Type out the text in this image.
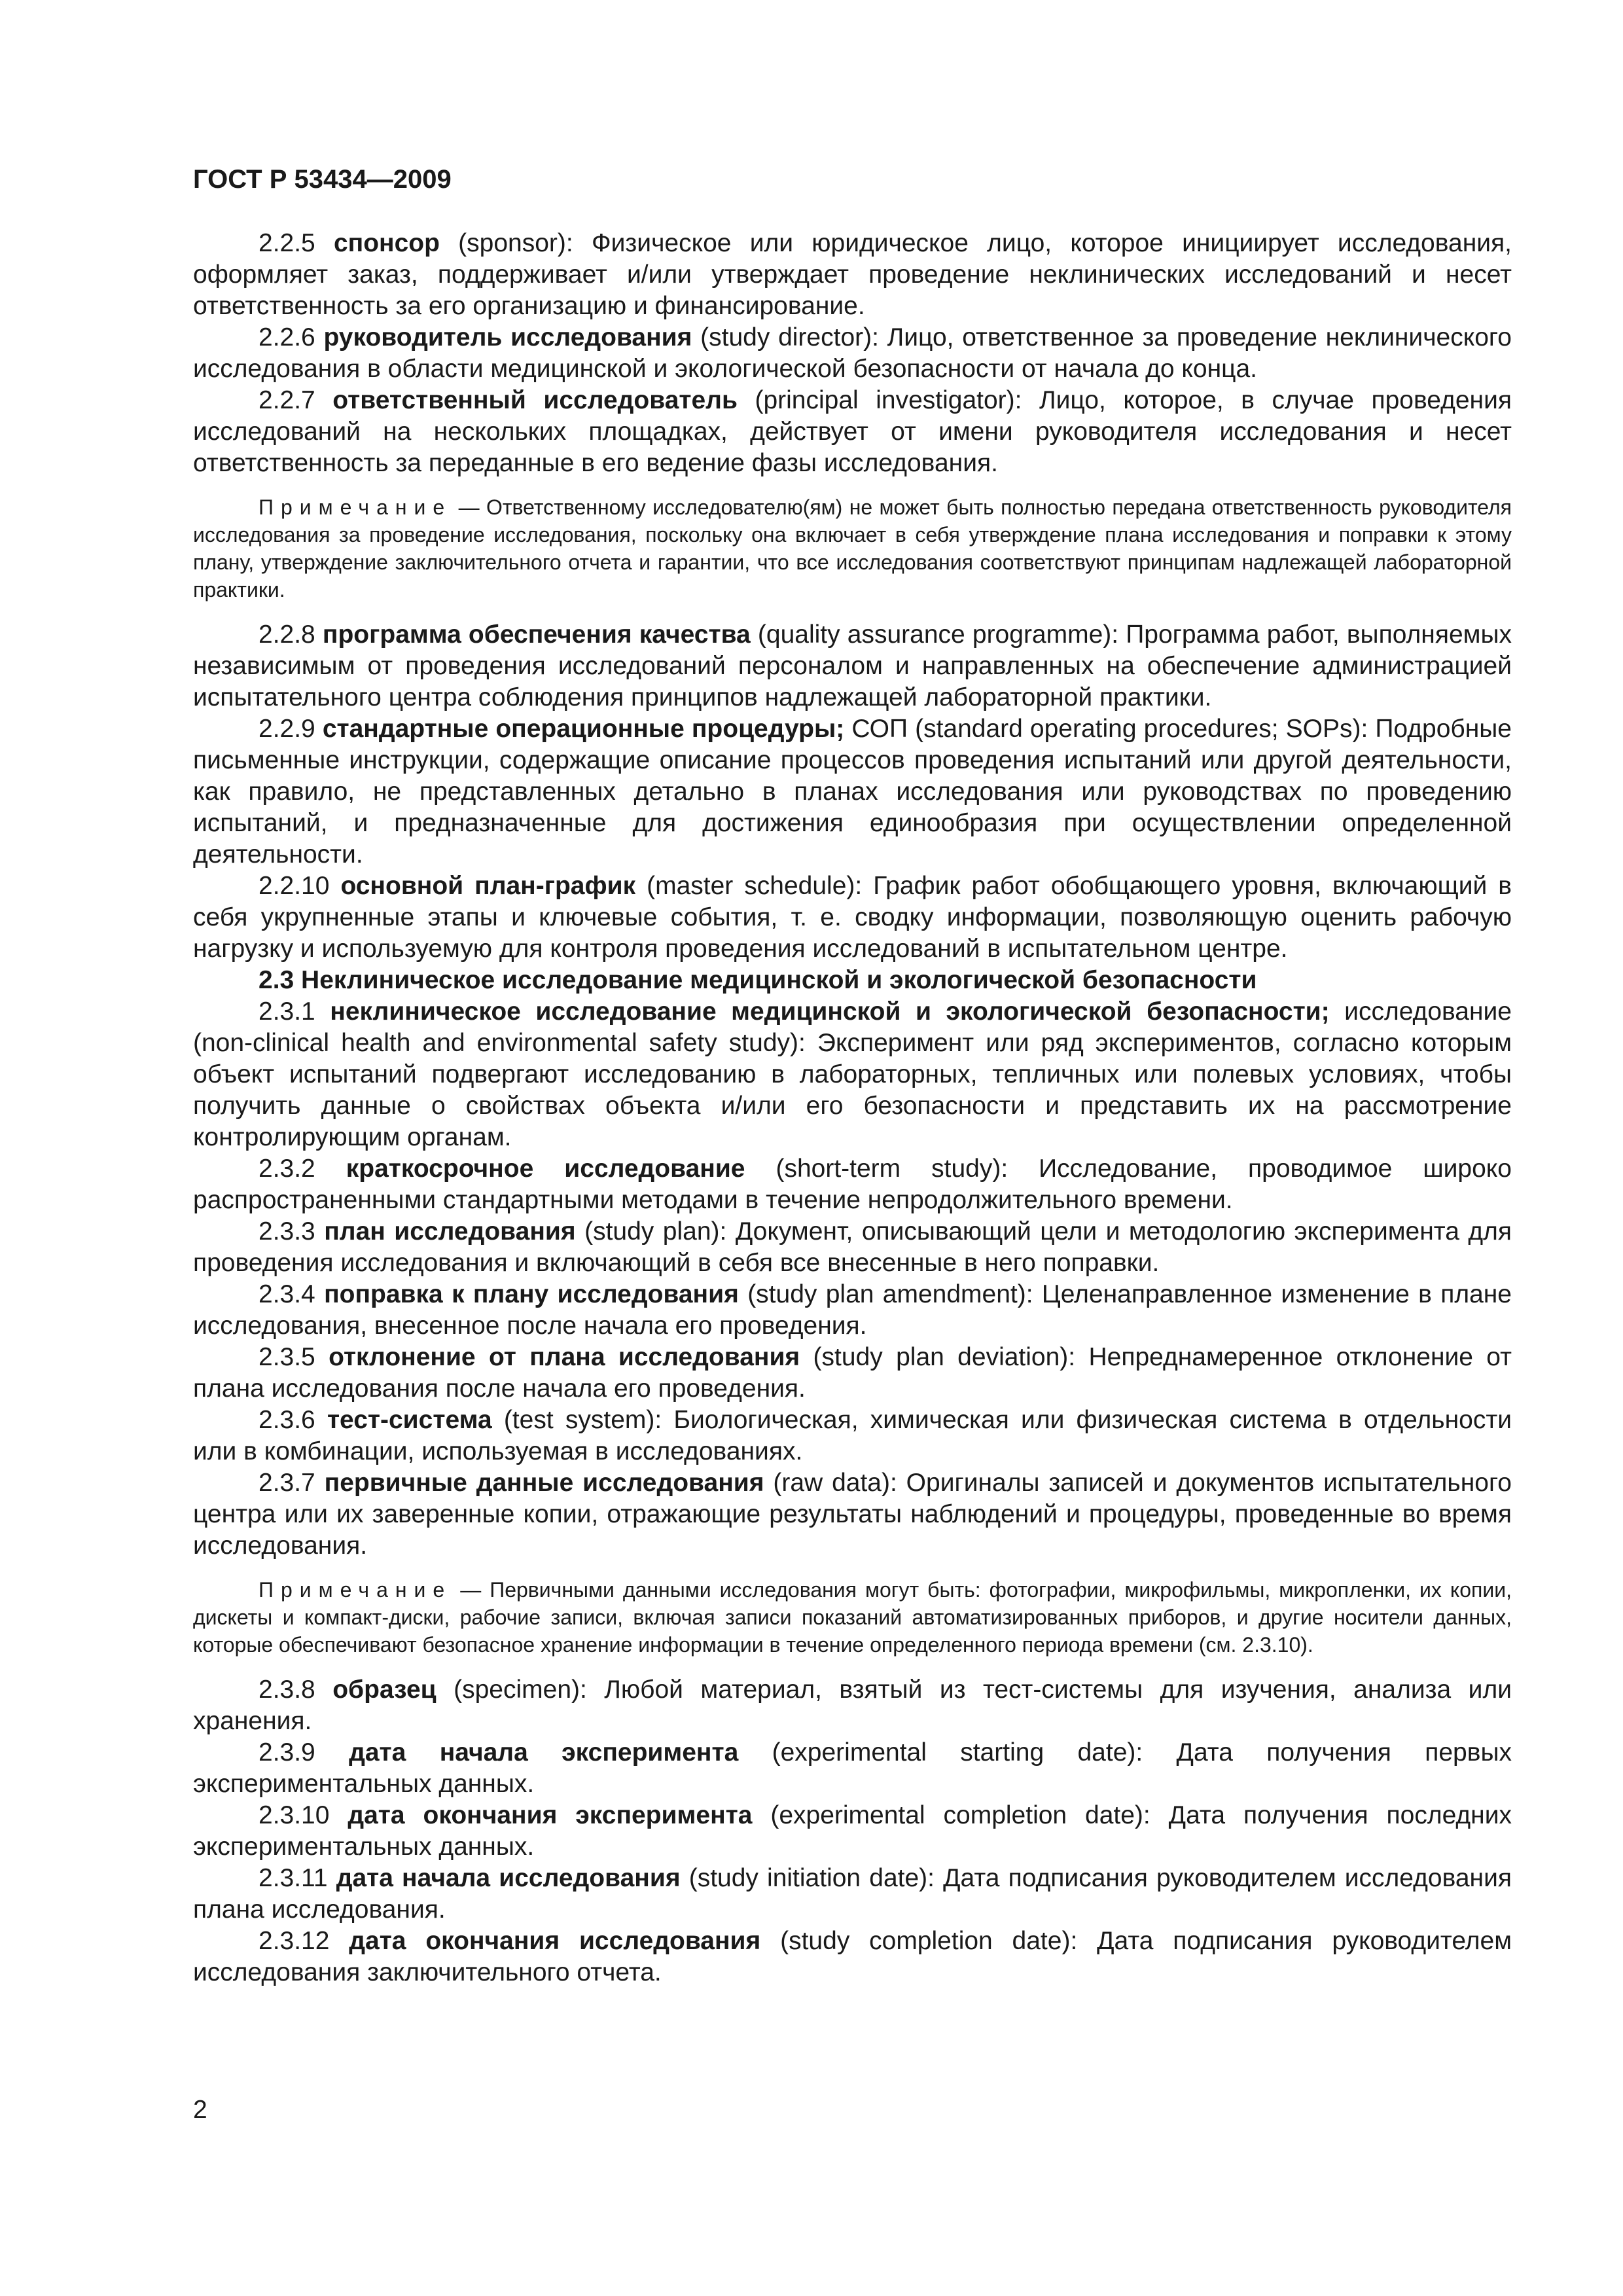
ГОСТ Р 53434—2009

2.2.5 спонсор (sponsor): Физическое или юридическое лицо, которое инициирует исследования, оформляет заказ, поддерживает и/или утверждает проведение неклинических исследований и несет ответственность за его организацию и финансирование.

2.2.6 руководитель исследования (study director): Лицо, ответственное за проведение неклинического исследования в области медицинской и экологической безопасности от начала до конца.

2.2.7 ответственный исследователь (principal investigator): Лицо, которое, в случае проведения исследований на нескольких площадках, действует от имени руководителя исследования и несет ответственность за переданные в его ведение фазы исследования.

Примечание — Ответственному исследователю(ям) не может быть полностью передана ответственность руководителя исследования за проведение исследования, поскольку она включает в себя утверждение плана исследования и поправки к этому плану, утверждение заключительного отчета и гарантии, что все исследования соответствуют принципам надлежащей лабораторной практики.

2.2.8 программа обеспечения качества (quality assurance programme): Программа работ, выполняемых независимым от проведения исследований персоналом и направленных на обеспечение администрацией испытательного центра соблюдения принципов надлежащей лабораторной практики.

2.2.9 стандартные операционные процедуры; СОП (standard operating procedures; SOPs): Подробные письменные инструкции, содержащие описание процессов проведения испытаний или другой деятельности, как правило, не представленных детально в планах исследования или руководствах по проведению испытаний, и предназначенные для достижения единообразия при осуществлении определенной деятельности.

2.2.10 основной план-график (master schedule): График работ обобщающего уровня, включающий в себя укрупненные этапы и ключевые события, т. е. сводку информации, позволяющую оценить рабочую нагрузку и используемую для контроля проведения исследований в испытательном центре.

2.3 Неклиническое исследование медицинской и экологической безопасности

2.3.1 неклиническое исследование медицинской и экологической безопасности; исследование (non-clinical health and environmental safety study): Эксперимент или ряд экспериментов, согласно которым объект испытаний подвергают исследованию в лабораторных, тепличных или полевых условиях, чтобы получить данные о свойствах объекта и/или его безопасности и представить их на рассмотрение контролирующим органам.

2.3.2 краткосрочное исследование (short-term study): Исследование, проводимое широко распространенными стандартными методами в течение непродолжительного времени.

2.3.3 план исследования (study plan): Документ, описывающий цели и методологию эксперимента для проведения исследования и включающий в себя все внесенные в него поправки.

2.3.4 поправка к плану исследования (study plan amendment): Целенаправленное изменение в плане исследования, внесенное после начала его проведения.

2.3.5 отклонение от плана исследования (study plan deviation): Непреднамеренное отклонение от плана исследования после начала его проведения.

2.3.6 тест-система (test system): Биологическая, химическая или физическая система в отдельности или в комбинации, используемая в исследованиях.

2.3.7 первичные данные исследования (raw data): Оригиналы записей и документов испытательного центра или их заверенные копии, отражающие результаты наблюдений и процедуры, проведенные во время исследования.

Примечание — Первичными данными исследования могут быть: фотографии, микрофильмы, микропленки, их копии, дискеты и компакт-диски, рабочие записи, включая записи показаний автоматизированных приборов, и другие носители данных, которые обеспечивают безопасное хранение информации в течение определенного периода времени (см. 2.3.10).

2.3.8 образец (specimen): Любой материал, взятый из тест-системы для изучения, анализа или хранения.

2.3.9 дата начала эксперимента (experimental starting date): Дата получения первых экспериментальных данных.

2.3.10 дата окончания эксперимента (experimental completion date): Дата получения последних экспериментальных данных.

2.3.11 дата начала исследования (study initiation date): Дата подписания руководителем исследования плана исследования.

2.3.12 дата окончания исследования (study completion date): Дата подписания руководителем исследования заключительного отчета.

2
